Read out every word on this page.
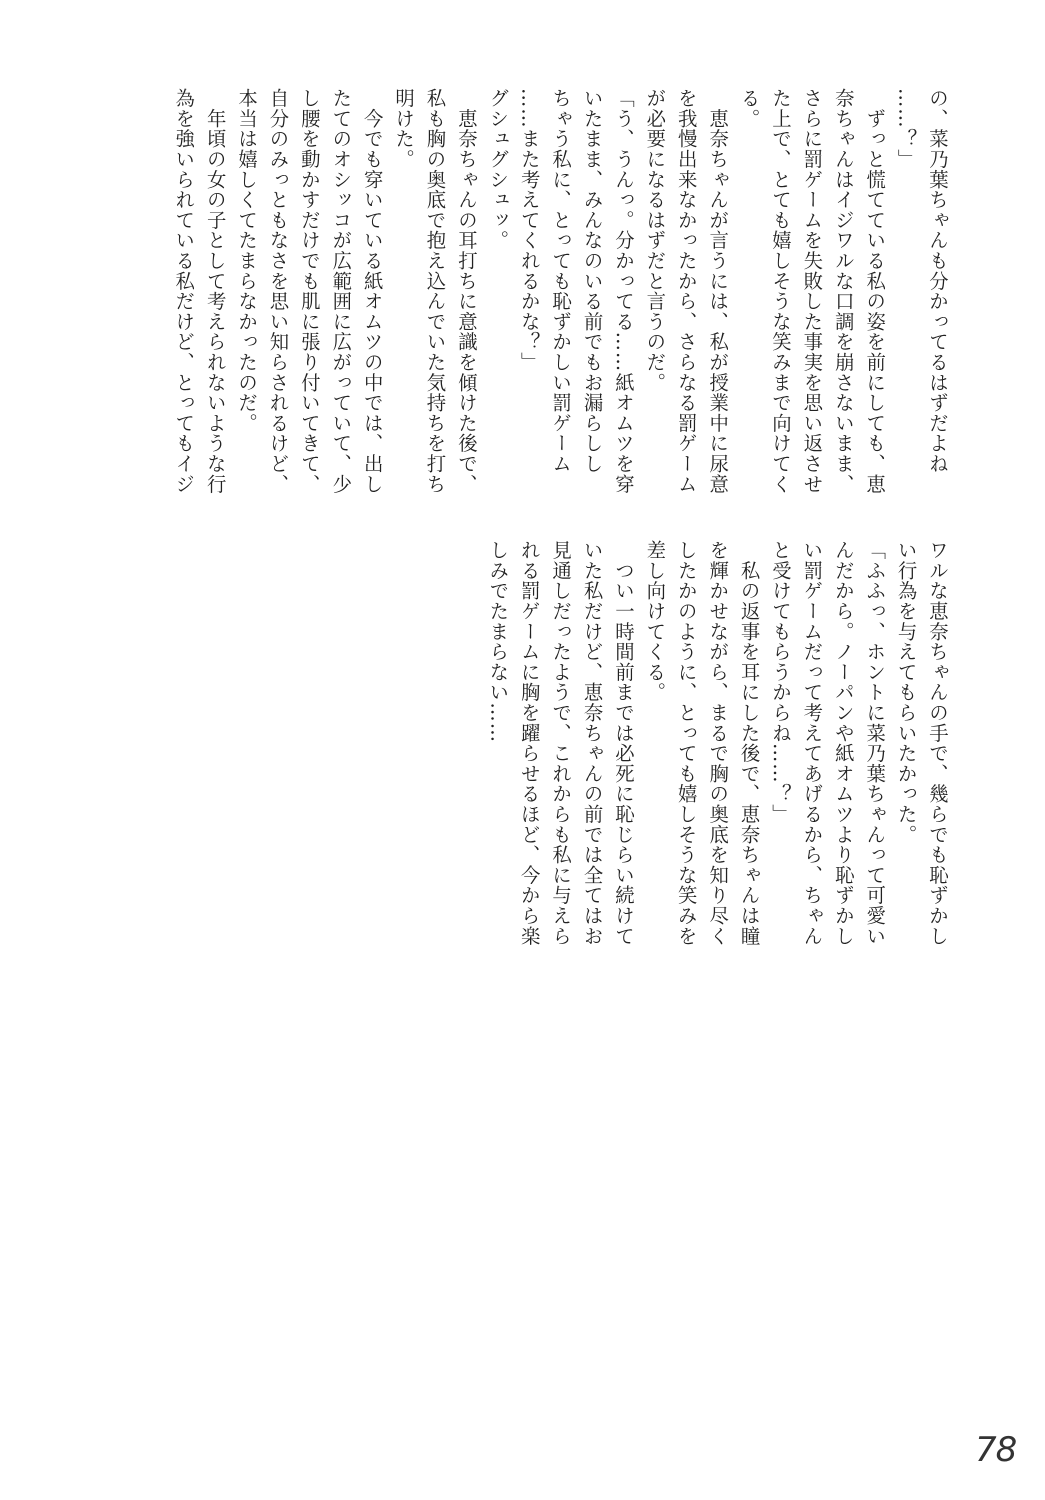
の、菜乃葉ちゃんも分かってるはずだよね
……？」
　ずっと慌てている私の姿を前にしても、恵
奈ちゃんはイジワルな口調を崩さないまま、
さらに罰ゲームを失敗した事実を思い返させ
た上で、とても嬉しそうな笑みまで向けてく
る。
　恵奈ちゃんが言うには、私が授業中に尿意
を我慢出来なかったから、さらなる罰ゲーム
が必要になるはずだと言うのだ。
「う、うんっ。分かってる……紙オムツを穿
いたまま、みんなのいる前でもお漏らしし
ちゃう私に、とっても恥ずかしい罰ゲーム
……また考えてくれるかな？」
グシュグシュッ。
　恵奈ちゃんの耳打ちに意識を傾けた後で、
私も胸の奥底で抱え込んでいた気持ちを打ち
明けた。
　今でも穿いている紙オムツの中では、出し
たてのオシッコが広範囲に広がっていて、少
し腰を動かすだけでも肌に張り付いてきて、
自分のみっともなさを思い知らされるけど、
本当は嬉しくてたまらなかったのだ。
　年頃の女の子として考えられないような行
為を強いられている私だけど、とってもイジ
ワルな恵奈ちゃんの手で、幾らでも恥ずかし
い行為を与えてもらいたかった。
「ふふっ、ホントに菜乃葉ちゃんって可愛い
んだから。ノーパンや紙オムツより恥ずかし
い罰ゲームだって考えてあげるから、ちゃん
と受けてもらうからね……？」
　私の返事を耳にした後で、恵奈ちゃんは瞳
を輝かせながら、まるで胸の奥底を知り尽く
したかのように、とっても嬉しそうな笑みを
差し向けてくる。
　つい一時間前までは必死に恥じらい続けて
いた私だけど、恵奈ちゃんの前では全てはお
見通しだったようで、これからも私に与えら
れる罰ゲームに胸を躍らせるほど、今から楽
しみでたまらない……
78
